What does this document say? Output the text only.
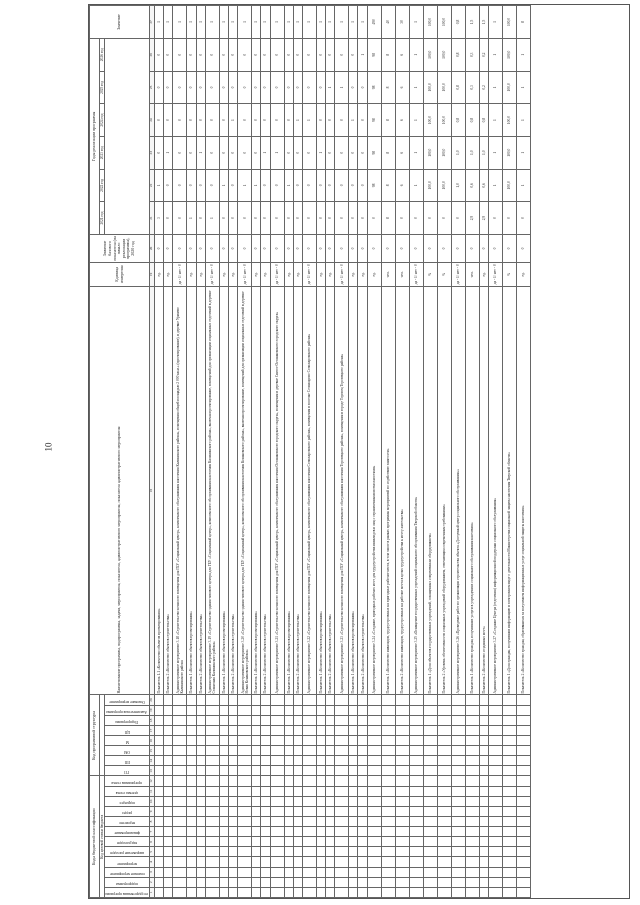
10
Коды бюджетной классификации												Код программной структуры								Наименование программы, подпрограммы, задачи, мероприятия, показателя, административного мероприятия, показателя административного мероприятия	Единица измерения	Значение базового показателя (на начало реализации программы), 2020 год	Годы реализации программы						Значение
Код целевой статьи бюджета																							2021 год	2022 год	2023 год	2024 год	2025 год	2026 год	

государственная программа	подпрограмма	основное мероприятие	мероприятие	направление расходов	вид расходов	финансирование	ведомство	раздел	подраздел	целевая статья	программная статья	ГП	ПП	ОМ	М	ЦП	Подпрограмма	Аналитическая программа	Основное мероприятие										

1	2	3	4	5	6	7	8	9	10	11	12	13	14	15	16	17	18	19	20	18	19	20	21	22	23	24	25	26	27
																				Показатель 1.1 «Количество объектов проектирования»	ед.	0	3	1	0	0	0	0	1
																				Показатель 2 «Количество объектов строительства»	ед.	0	0	0	1	0	0	0	1
																				Административное мероприятие 3.18 «Строительство нежилого помещения для ГБУ «Социальный центр», комплексного обслуживания населения Калининского района», помещения общей площадью 2 000 кв.м.» (проектирование), в деревне Урмаево Калининского района	да - 1/ нет - 0	0	0	0	0	0	0	0	1
																				Показатель 1 «Количество объектов проектирования»	ед.	0	1	0	0	0	0	0	1
																				Показатель 2 «Количество объектов строительства»	ед.	0	0	0	1	0	0	0	1
																				Административное мероприятие 3.19 «Строительство здания типового центра для ГБУ «Социальный центр», комплексного обслуживания населения Калининского района», включая проектирование, помещений для организации социальных отделений в деревне Станичная Калининского района»	да - 1/ нет - 0	0	1	0	0	0	0	0	1
																				Показатель 1 «Количество объектов проектирования»	ед.	0	0	1	0	0	0	0	1
																				Показатель 2 «Количество объектов строительства»	ед.	0	0	0	0	1	0	0	1
																				Административное мероприятие 3.20 «Строительство здания типового центра для ГБУ «Социальный центр», комплексного обслуживания населения Конаковского района», включая проектирование, помещений для организации социальных отделений в деревне Новая Конаковского района»	да - 1/ нет - 0	0	0	1	0	0	0	0	1
																				Показатель 1 «Количество объектов проектирования»	ед.	0	0	1	0	0	0	0	1
																				Показатель 2 «Количество объектов строительства»	ед.	0	0	0	1	0	0	0	1
																				Административное мероприятие 3.21 «Строительство нежилого помещения для ГБУ «Социальный центр», комплексного обслуживания населения Осташковского городского округа», помещения в деревне Святое Осташковского городского округа»	да - 1/ нет - 0	0	0	0	1	0	0	0	1
																				Показатель 1 «Количество объектов проектирования»	ед.	0	0	1	0	0	0	0	1
																				Показатель 2 «Количество объектов строительства»	ед.	0	0	0	0	1	0	0	1
																				Административное мероприятие 3.22 «Строительство нежилого помещения для ГБУ «Социальный центр», комплексного обслуживания населения Селижаровского района», помещения в поселке Селижарово Селижаровского района»	да - 1/ нет - 0	0	0	0	0	1	0	0	1
																				Показатель 1 «Количество объектов проектирования»	ед.	0	0	0	1	0	0	0	1
																				Показатель 2 «Количество объектов строительства»	ед.	0	0	0	0	0	1	0	1
																				Административное мероприятие 3.23 «Строительство нежилого помещения для ГБУ «Социальный центр», комплексного обслуживания населения Торопецкого района», помещения в городе Торопец Торопецкого района»	да - 1/ нет - 0	0	0	0	0	0	1	0	1
																				Показатель 1 «Количество объектов проектирования»	ед.	0	0	0	0	1	0	0	1
																				Показатель 2 «Количество объектов строительства»	ед.	0	0	0	0	0	0	1	1
																				Административное мероприятие 3.24 «Создание, пригодных рабочих мест для трудоустройства инвалидов и лиц с ограниченными возможностями»	ед.	0	0	98	98	98	98	98	490
																				Показатель 1 «Количество инвалидов, трудоустроенных на пригодные рабочие места, в том числе в рамках программы мероприятий по содействию занятости»	чел.	0	8	8	8	8	8	8	40
																				Показатель 2 «Количество инвалидов, трудоустроенных на рабочие места в целях трудоустройства к месту жительства»	чел.	0	0	6	6	6	6	6	30
																				Административное мероприятие 3.25 «Оснащение государственных учреждений социального обслуживания Тверской области»	да - 1/ нет - 0	0	0	1	1	1	1	1	1
																				Показатель 1 «Доля объектов государственных учреждений, оснащенных современным оборудованием»	%	0	0	100,0	100,0	100,0	100,0	100,0	100,0
																				Показатель 2 «Уровень обеспеченности социальных учреждений оборудованием, отвечающим современным требованиям»	%	0	0	100,0	100,0	100,0	100,0	100,0	100,0
																				Административное мероприятие 3.26 «Проведение работ по организации строительства объекта «Доступный центр социального обслуживания»»	да - 1/ нет - 0	0	0	1,0	1,0	0,8	0,8	0,8	0,8
																				Показатель 1 «Количество граждан, получивших услуги в учреждениях социального обслуживания населения»	чел.	0	2,9	0,6	1,0	0,8	0,3	0,3	1,5
																				Показатель 2 «Количество созданных мест»	ед.	0	2,9	0,6	1,0	0,8	0,2	0,2	1,5
																				Административное мероприятие 3.27 «Создание Центра (отделения) информационной поддержки социального обслуживания»	да - 1/ нет - 0	0	0	1	1	1	1	1	1
																				Показатель 1 «Доля граждан, получивших информацию в электронном виде о деятельности Министерства социальной защиты населения Тверской области»	%	0	0	100,0	100,0	100,0	100,0	100,0	100,0
																				Показатель 2 «Количество граждан, обратившихся за получением информационных услуг социальной защиты населения»	ед.	0	0	1	1	1	1	1	8
